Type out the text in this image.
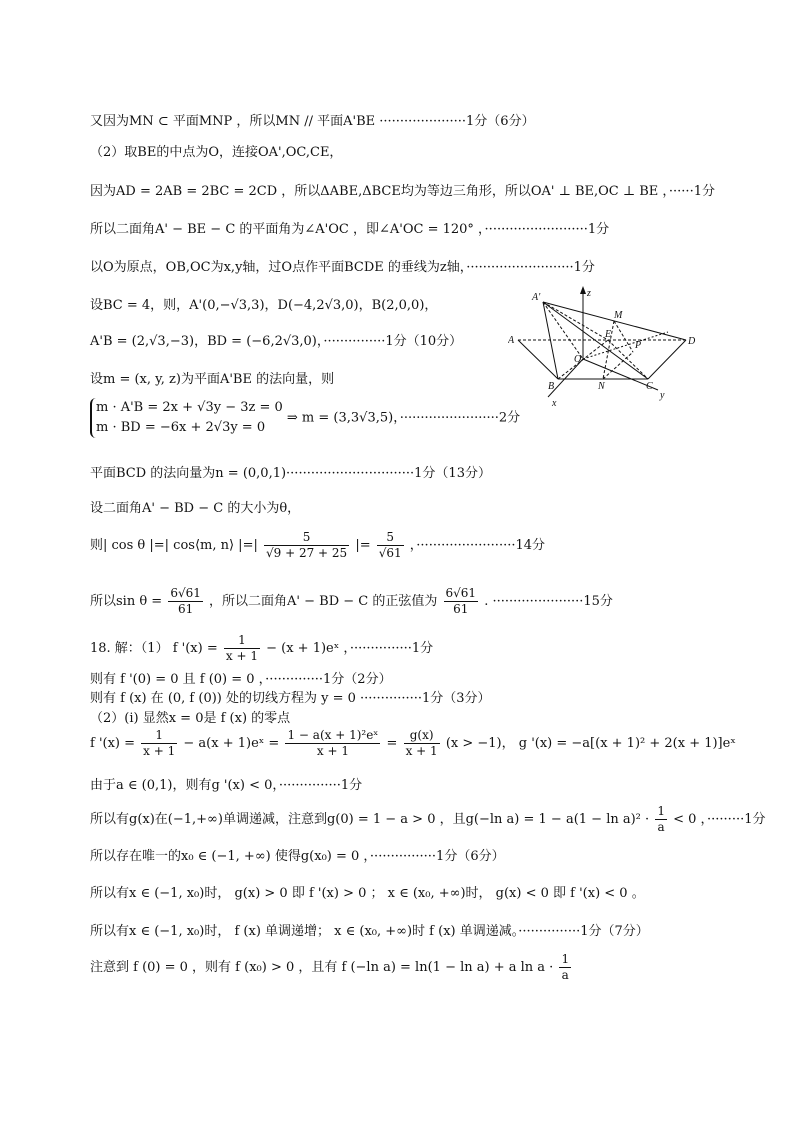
又因为MN ⊂ 平面MNP ，所以MN // 平面A'BE ·····················1分（6分）
（2）取BE的中点为O，连接OA',OC,CE，
因为AD = 2AB = 2BC = 2CD ，所以ΔABE,ΔBCE均为等边三角形，所以OA' ⊥ BE,OC ⊥ BE ，······1分
所以二面角A' − BE − C 的平面角为∠A'OC ，即∠A'OC = 120° ，·························1分
以O为原点，OB,OC为x,y轴，过O点作平面BCDE 的垂线为z轴，··························1分
设BC = 4，则，A'(0,−√3,3)，D(−4,2√3,0)，B(2,0,0)，
A'B = (2,√3,−3)，BD = (−6,2√3,0)，···············1分（10分）
设m = (x, y, z)为平面A'BE 的法向量，则
m · A'B = 2x + √3y − 3z = 0
m · BD = −6x + 2√3y = 0
⇒ m = (3,3√3,5)，························2分
平面BCD 的法向量为n = (0,0,1)·······························1分（13分）
设二面角A' − BD − C 的大小为θ，
则| cos θ |=| cos⟨m, n⟩ |=| $\frac{5}{√9 + 27 + 25}$ |= $\frac{5}{√61}$ ，························14分
所以$\sin \theta = \frac{6√61}{61}$ ，所以二面角A' − BD − C 的正弦值为 $\frac{6√61}{61}$ . ······················15分
18. 解：（1） f '$(x) = \frac{1}{x + 1} - (x$ + 1)eˣ ，···············1分
则有 f '(0) = 0 且 f (0) = 0 ，··············1分（2分）
则有 f (x) 在 (0, f (0)) 处的切线方程为 y = 0 ···············1分（3分）
（2）(i) 显然x = 0是 f (x) 的零点
f '$(x) = \frac{1}{x + 1} - a(x$ + 1)eˣ = $\frac{\text{1 − a(x + 1)²eˣ}}{x + 1} = \frac{g(x)}{x + 1} (x > -1)$， g '(x) = −a[(x + 1)² + 2(x + 1)]eˣ
由于a ∈ (0,1)，则有g '(x) < 0，···············1分
所以有g(x)在(−1,+∞)单调递减，注意到g(0) = 1 − a > 0 ，且g(−ln $a) = 1 - a(1 - \ln a)^2 \cdot \frac{1}{a} < 0$ ，·········1分
所以存在唯一的x₀ ∈ (−1, +∞) 使得g(x₀) = 0 ，················1分（6分）
所以有x ∈ (−1, x₀)时， g(x) > 0 即 f '(x) > 0 ； x ∈ (x₀, +∞)时， g(x) < 0 即 f '(x) < 0 。
所以有x ∈ (−1, x₀)时， f (x) 单调递增； x ∈ (x₀, +∞)时 f (x) 单调递减。···············1分（7分）
注意到 f (0) = 0 ，则有 f (x₀) > 0 ，且有 f (−ln a) = ln(1 − ln a) + a $\ln a \cdot \frac{1}{a}$
A'
A
B	C
D
E
O
M
P
N
x
y
z
